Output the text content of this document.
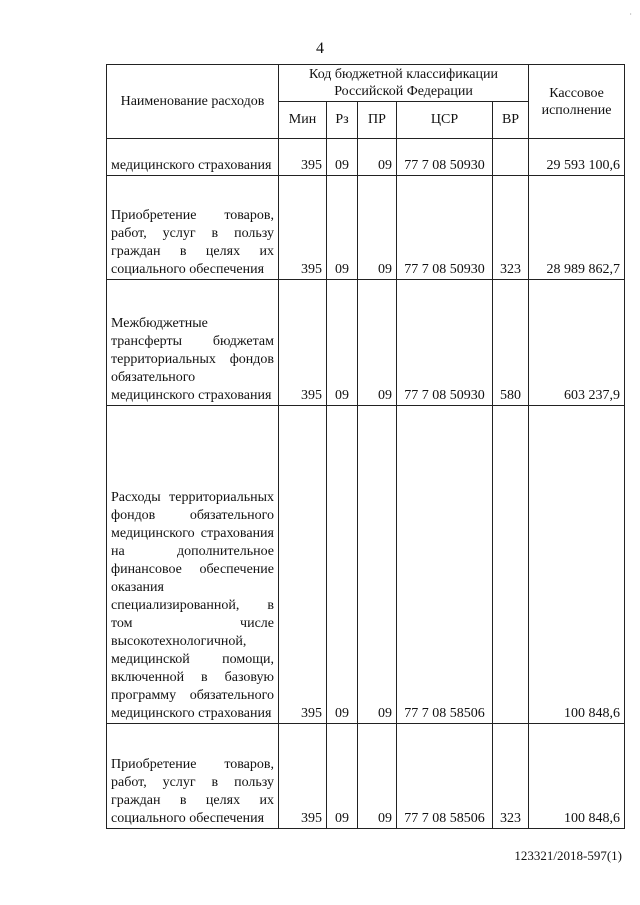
4
·
Наименование расходов	Код бюджетной классификации Российской Федерации					Кассовое исполнение
	Мин	Рз	ПР	ЦСР	ВР	
медицинского страхования	395	09	09	77 7 08 50930		29 593 100,6
Приобретение товаров, работ, услуг в пользу граждан в целях их социального обеспечения	395	09	09	77 7 08 50930	323	28 989 862,7
Межбюджетные трансферты бюджетам территориальных фондов обязательного медицинского страхования	395	09	09	77 7 08 50930	580	603 237,9
Расходы территориальных фондов обязательного медицинского страхования на дополнительное финансовое обеспечение оказания специализированной, в том числе высокотехнологичной, медицинской помощи, включенной в базовую программу обязательного медицинского страхования	395	09	09	77 7 08 58506		100 848,6
Приобретение товаров, работ, услуг в пользу граждан в целях их социального обеспечения	395	09	09	77 7 08 58506	323	100 848,6
123321/2018-597(1)
